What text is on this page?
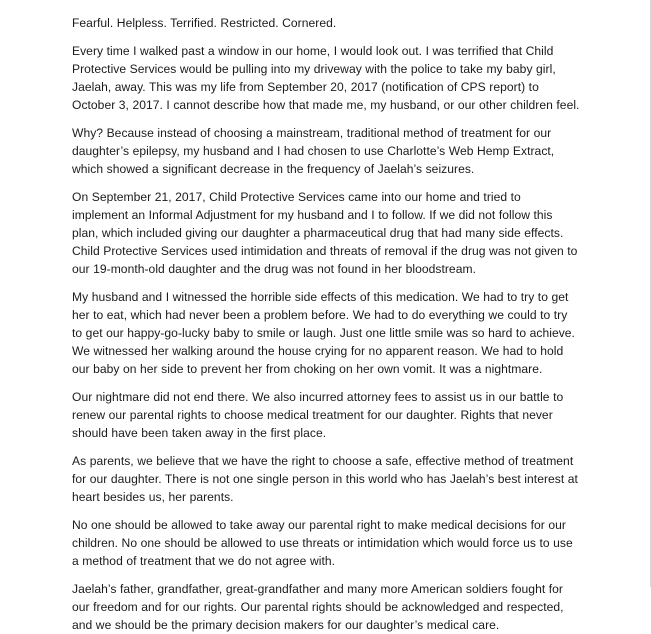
Fearful. Helpless. Terrified. Restricted. Cornered.

Every time I walked past a window in our home, I would look out. I was terrified that Child Protective Services would be pulling into my driveway with the police to take my baby girl, Jaelah, away. This was my life from September 20, 2017 (notification of CPS report) to October 3, 2017. I cannot describe how that made me, my husband, or our other children feel.

Why? Because instead of choosing a mainstream, traditional method of treatment for our daughter’s epilepsy, my husband and I had chosen to use Charlotte’s Web Hemp Extract, which showed a significant decrease in the frequency of Jaelah’s seizures.

On September 21, 2017, Child Protective Services came into our home and tried to implement an Informal Adjustment for my husband and I to follow. If we did not follow this plan, which included giving our daughter a pharmaceutical drug that had many side effects. Child Protective Services used intimidation and threats of removal if the drug was not given to our 19-month-old daughter and the drug was not found in her bloodstream.

My husband and I witnessed the horrible side effects of this medication. We had to try to get her to eat, which had never been a problem before. We had to do everything we could to try to get our happy-go-lucky baby to smile or laugh. Just one little smile was so hard to achieve. We witnessed her walking around the house crying for no apparent reason. We had to hold our baby on her side to prevent her from choking on her own vomit. It was a nightmare.

Our nightmare did not end there. We also incurred attorney fees to assist us in our battle to renew our parental rights to choose medical treatment for our daughter. Rights that never should have been taken away in the first place.

As parents, we believe that we have the right to choose a safe, effective method of treatment for our daughter. There is not one single person in this world who has Jaelah’s best interest at heart besides us, her parents.

No one should be allowed to take away our parental right to make medical decisions for our children. No one should be allowed to use threats or intimidation which would force us to use a method of treatment that we do not agree with.

Jaelah’s father, grandfather, great-grandfather and many more American soldiers fought for our freedom and for our rights. Our parental rights should be acknowledged and respected, and we should be the primary decision makers for our daughter’s medical care.
